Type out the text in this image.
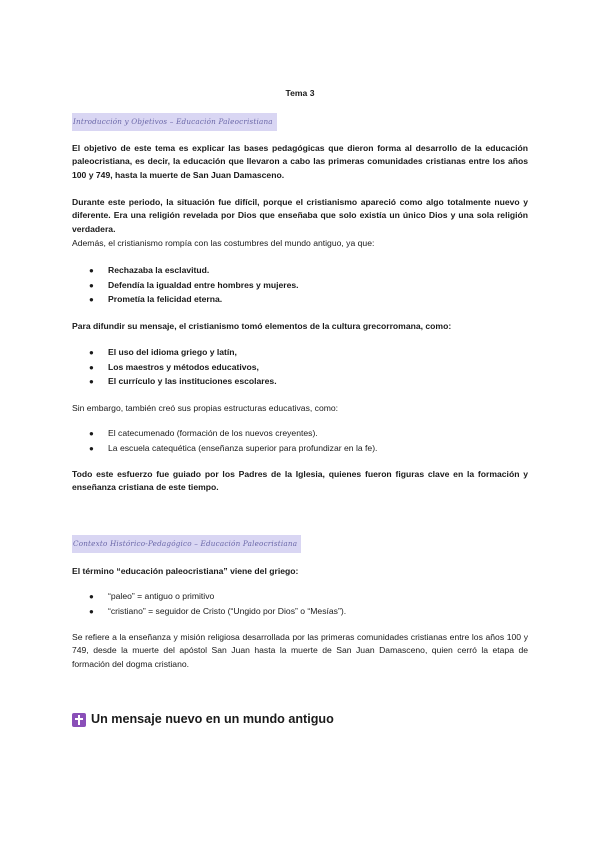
Tema 3
Introducción y Objetivos – Educación Paleocristiana

El objetivo de este tema es explicar las bases pedagógicas que dieron forma al desarrollo de la educación paleocristiana, es decir, la educación que llevaron a cabo las primeras comunidades cristianas entre los años 100 y 749, hasta la muerte de San Juan Damasceno.

Durante este periodo, la situación fue difícil, porque el cristianismo apareció como algo totalmente nuevo y diferente. Era una religión revelada por Dios que enseñaba que solo existía un único Dios y una sola religión verdadera.

Además, el cristianismo rompía con las costumbres del mundo antiguo, ya que:

● Rechazaba la esclavitud.
● Defendía la igualdad entre hombres y mujeres.
● Prometía la felicidad eterna.

Para difundir su mensaje, el cristianismo tomó elementos de la cultura grecorromana, como:

● El uso del idioma griego y latín,
● Los maestros y métodos educativos,
● El currículo y las instituciones escolares.

Sin embargo, también creó sus propias estructuras educativas, como:

● El catecumenado (formación de los nuevos creyentes).
● La escuela catequética (enseñanza superior para profundizar en la fe).

Todo este esfuerzo fue guiado por los Padres de la Iglesia, quienes fueron figuras clave en la formación y enseñanza cristiana de este tiempo.

Contexto Histórico-Pedagógico – Educación Paleocristiana

El término “educación paleocristiana” viene del griego:

● “paleo” = antiguo o primitivo
● “cristiano” = seguidor de Cristo (“Ungido por Dios” o “Mesías”).

Se refiere a la enseñanza y misión religiosa desarrollada por las primeras comunidades cristianas entre los años 100 y 749, desde la muerte del apóstol San Juan hasta la muerte de San Juan Damasceno, quien cerró la etapa de formación del dogma cristiano.

Un mensaje nuevo en un mundo antiguo
